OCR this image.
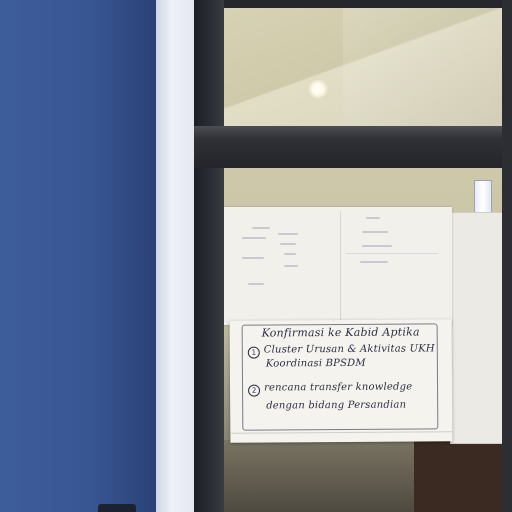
Konfirmasi ke Kabid Aptika
1 Cluster Urusan & Aktivitas UKH
Koordinasi BPSDM
2 rencana transfer knowledge
dengan bidang Persandian
